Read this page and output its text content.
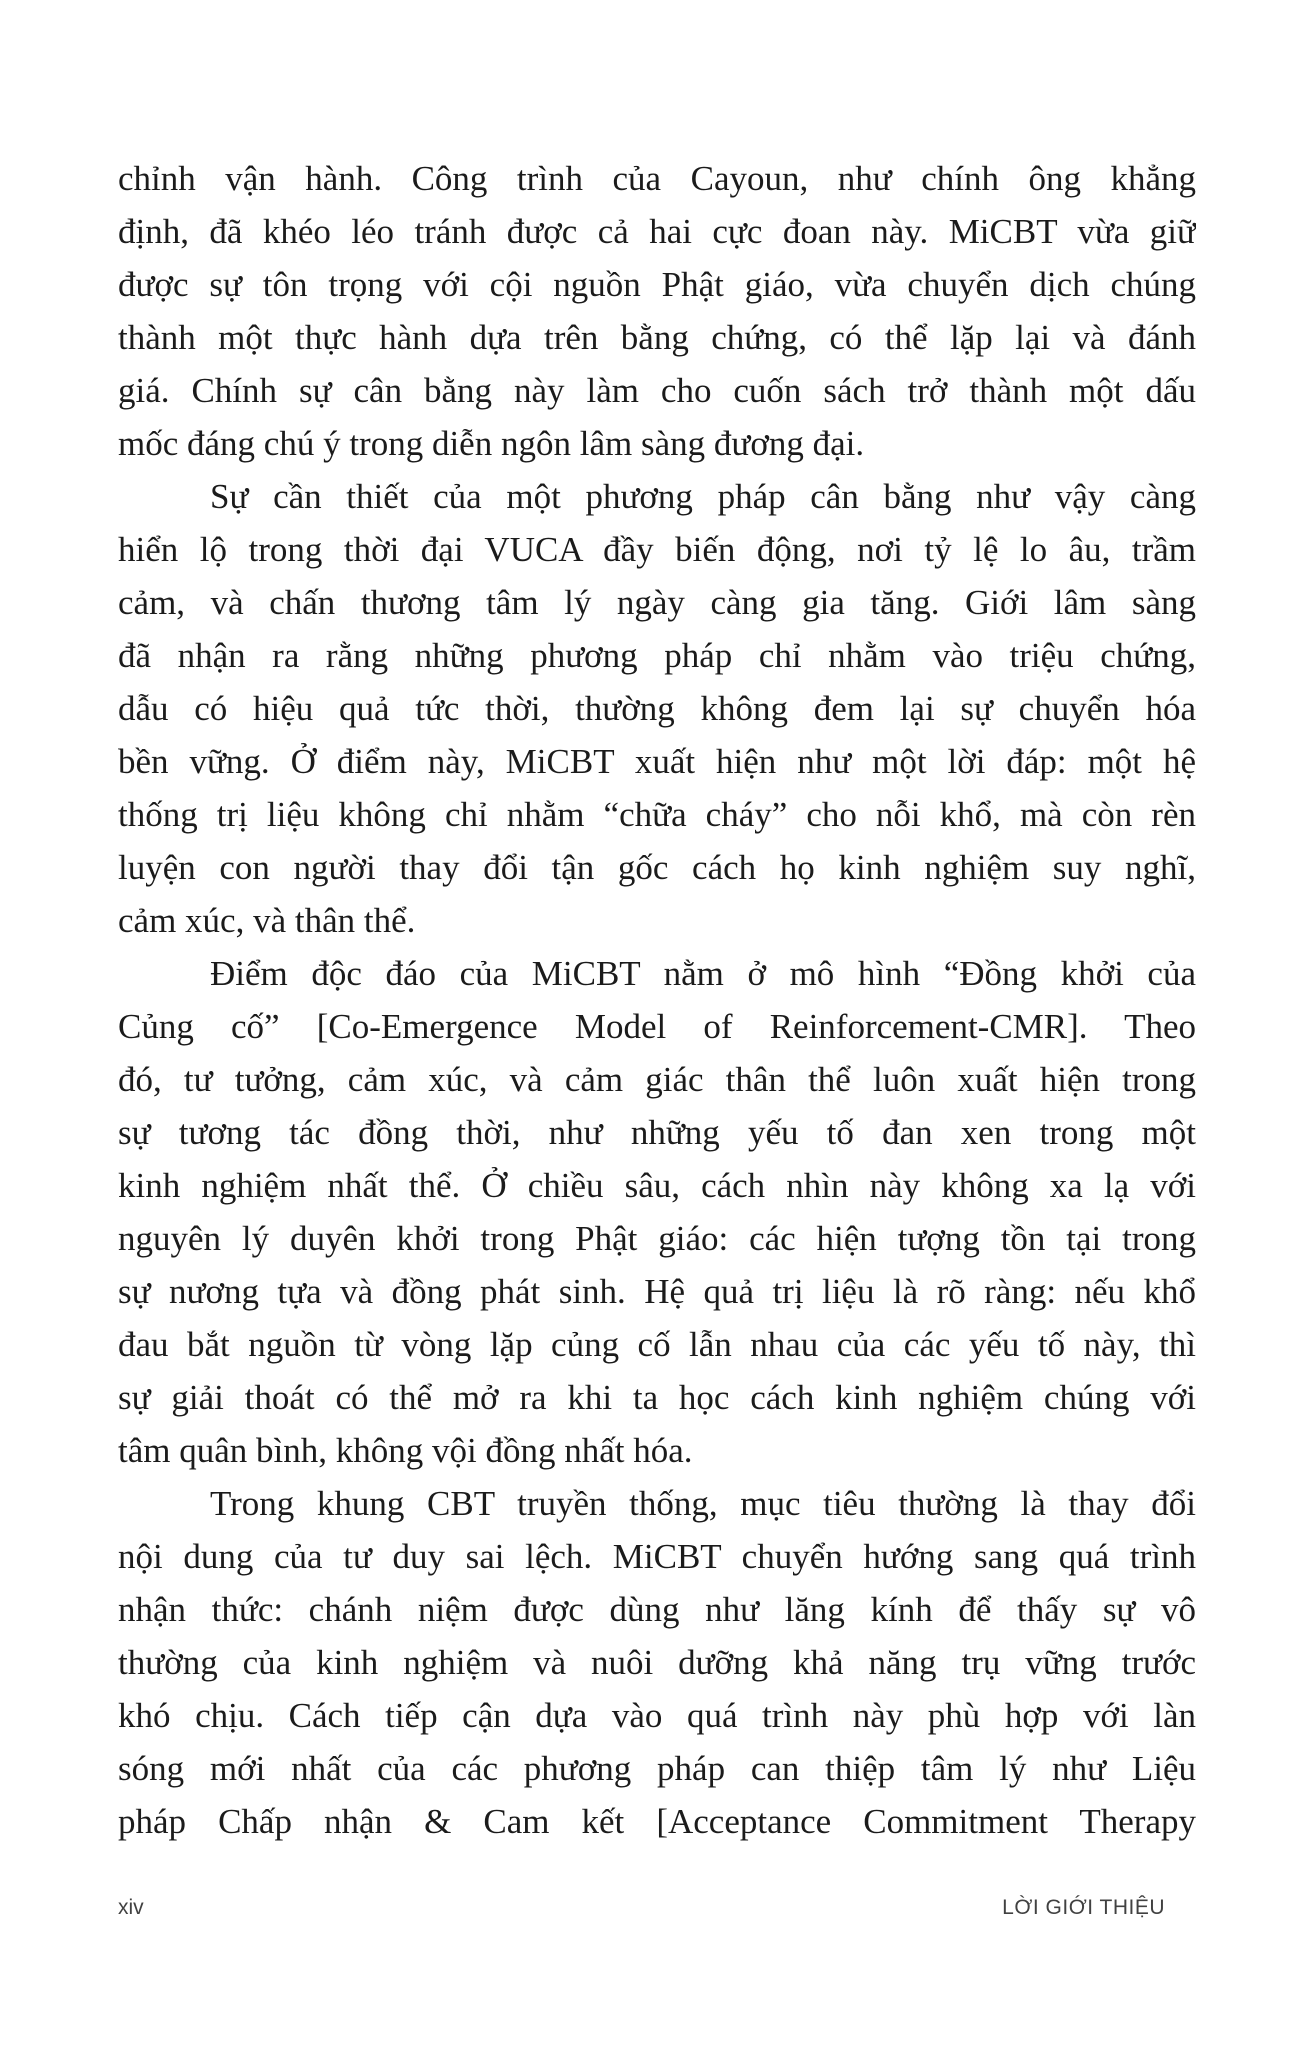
chỉnh vận hành. Công trình của Cayoun, như chính ông khẳng
định, đã khéo léo tránh được cả hai cực đoan này. MiCBT vừa giữ
được sự tôn trọng với cội nguồn Phật giáo, vừa chuyển dịch chúng
thành một thực hành dựa trên bằng chứng, có thể lặp lại và đánh
giá. Chính sự cân bằng này làm cho cuốn sách trở thành một dấu
mốc đáng chú ý trong diễn ngôn lâm sàng đương đại.
Sự cần thiết của một phương pháp cân bằng như vậy càng
hiển lộ trong thời đại VUCA đầy biến động, nơi tỷ lệ lo âu, trầm
cảm, và chấn thương tâm lý ngày càng gia tăng. Giới lâm sàng
đã nhận ra rằng những phương pháp chỉ nhằm vào triệu chứng,
dẫu có hiệu quả tức thời, thường không đem lại sự chuyển hóa
bền vững. Ở điểm này, MiCBT xuất hiện như một lời đáp: một hệ
thống trị liệu không chỉ nhằm “chữa cháy” cho nỗi khổ, mà còn rèn
luyện con người thay đổi tận gốc cách họ kinh nghiệm suy nghĩ,
cảm xúc, và thân thể.
Điểm độc đáo của MiCBT nằm ở mô hình “Đồng khởi của
Củng cố” [Co-Emergence Model of Reinforcement-CMR]. Theo
đó, tư tưởng, cảm xúc, và cảm giác thân thể luôn xuất hiện trong
sự tương tác đồng thời, như những yếu tố đan xen trong một
kinh nghiệm nhất thể. Ở chiều sâu, cách nhìn này không xa lạ với
nguyên lý duyên khởi trong Phật giáo: các hiện tượng tồn tại trong
sự nương tựa và đồng phát sinh. Hệ quả trị liệu là rõ ràng: nếu khổ
đau bắt nguồn từ vòng lặp củng cố lẫn nhau của các yếu tố này, thì
sự giải thoát có thể mở ra khi ta học cách kinh nghiệm chúng với
tâm quân bình, không vội đồng nhất hóa.
Trong khung CBT truyền thống, mục tiêu thường là thay đổi
nội dung của tư duy sai lệch. MiCBT chuyển hướng sang quá trình
nhận thức: chánh niệm được dùng như lăng kính để thấy sự vô
thường của kinh nghiệm và nuôi dưỡng khả năng trụ vững trước
khó chịu. Cách tiếp cận dựa vào quá trình này phù hợp với làn
sóng mới nhất của các phương pháp can thiệp tâm lý như Liệu
pháp Chấp nhận & Cam kết [Acceptance Commitment Therapy
xiv	LỜI GIỚI THIỆU
